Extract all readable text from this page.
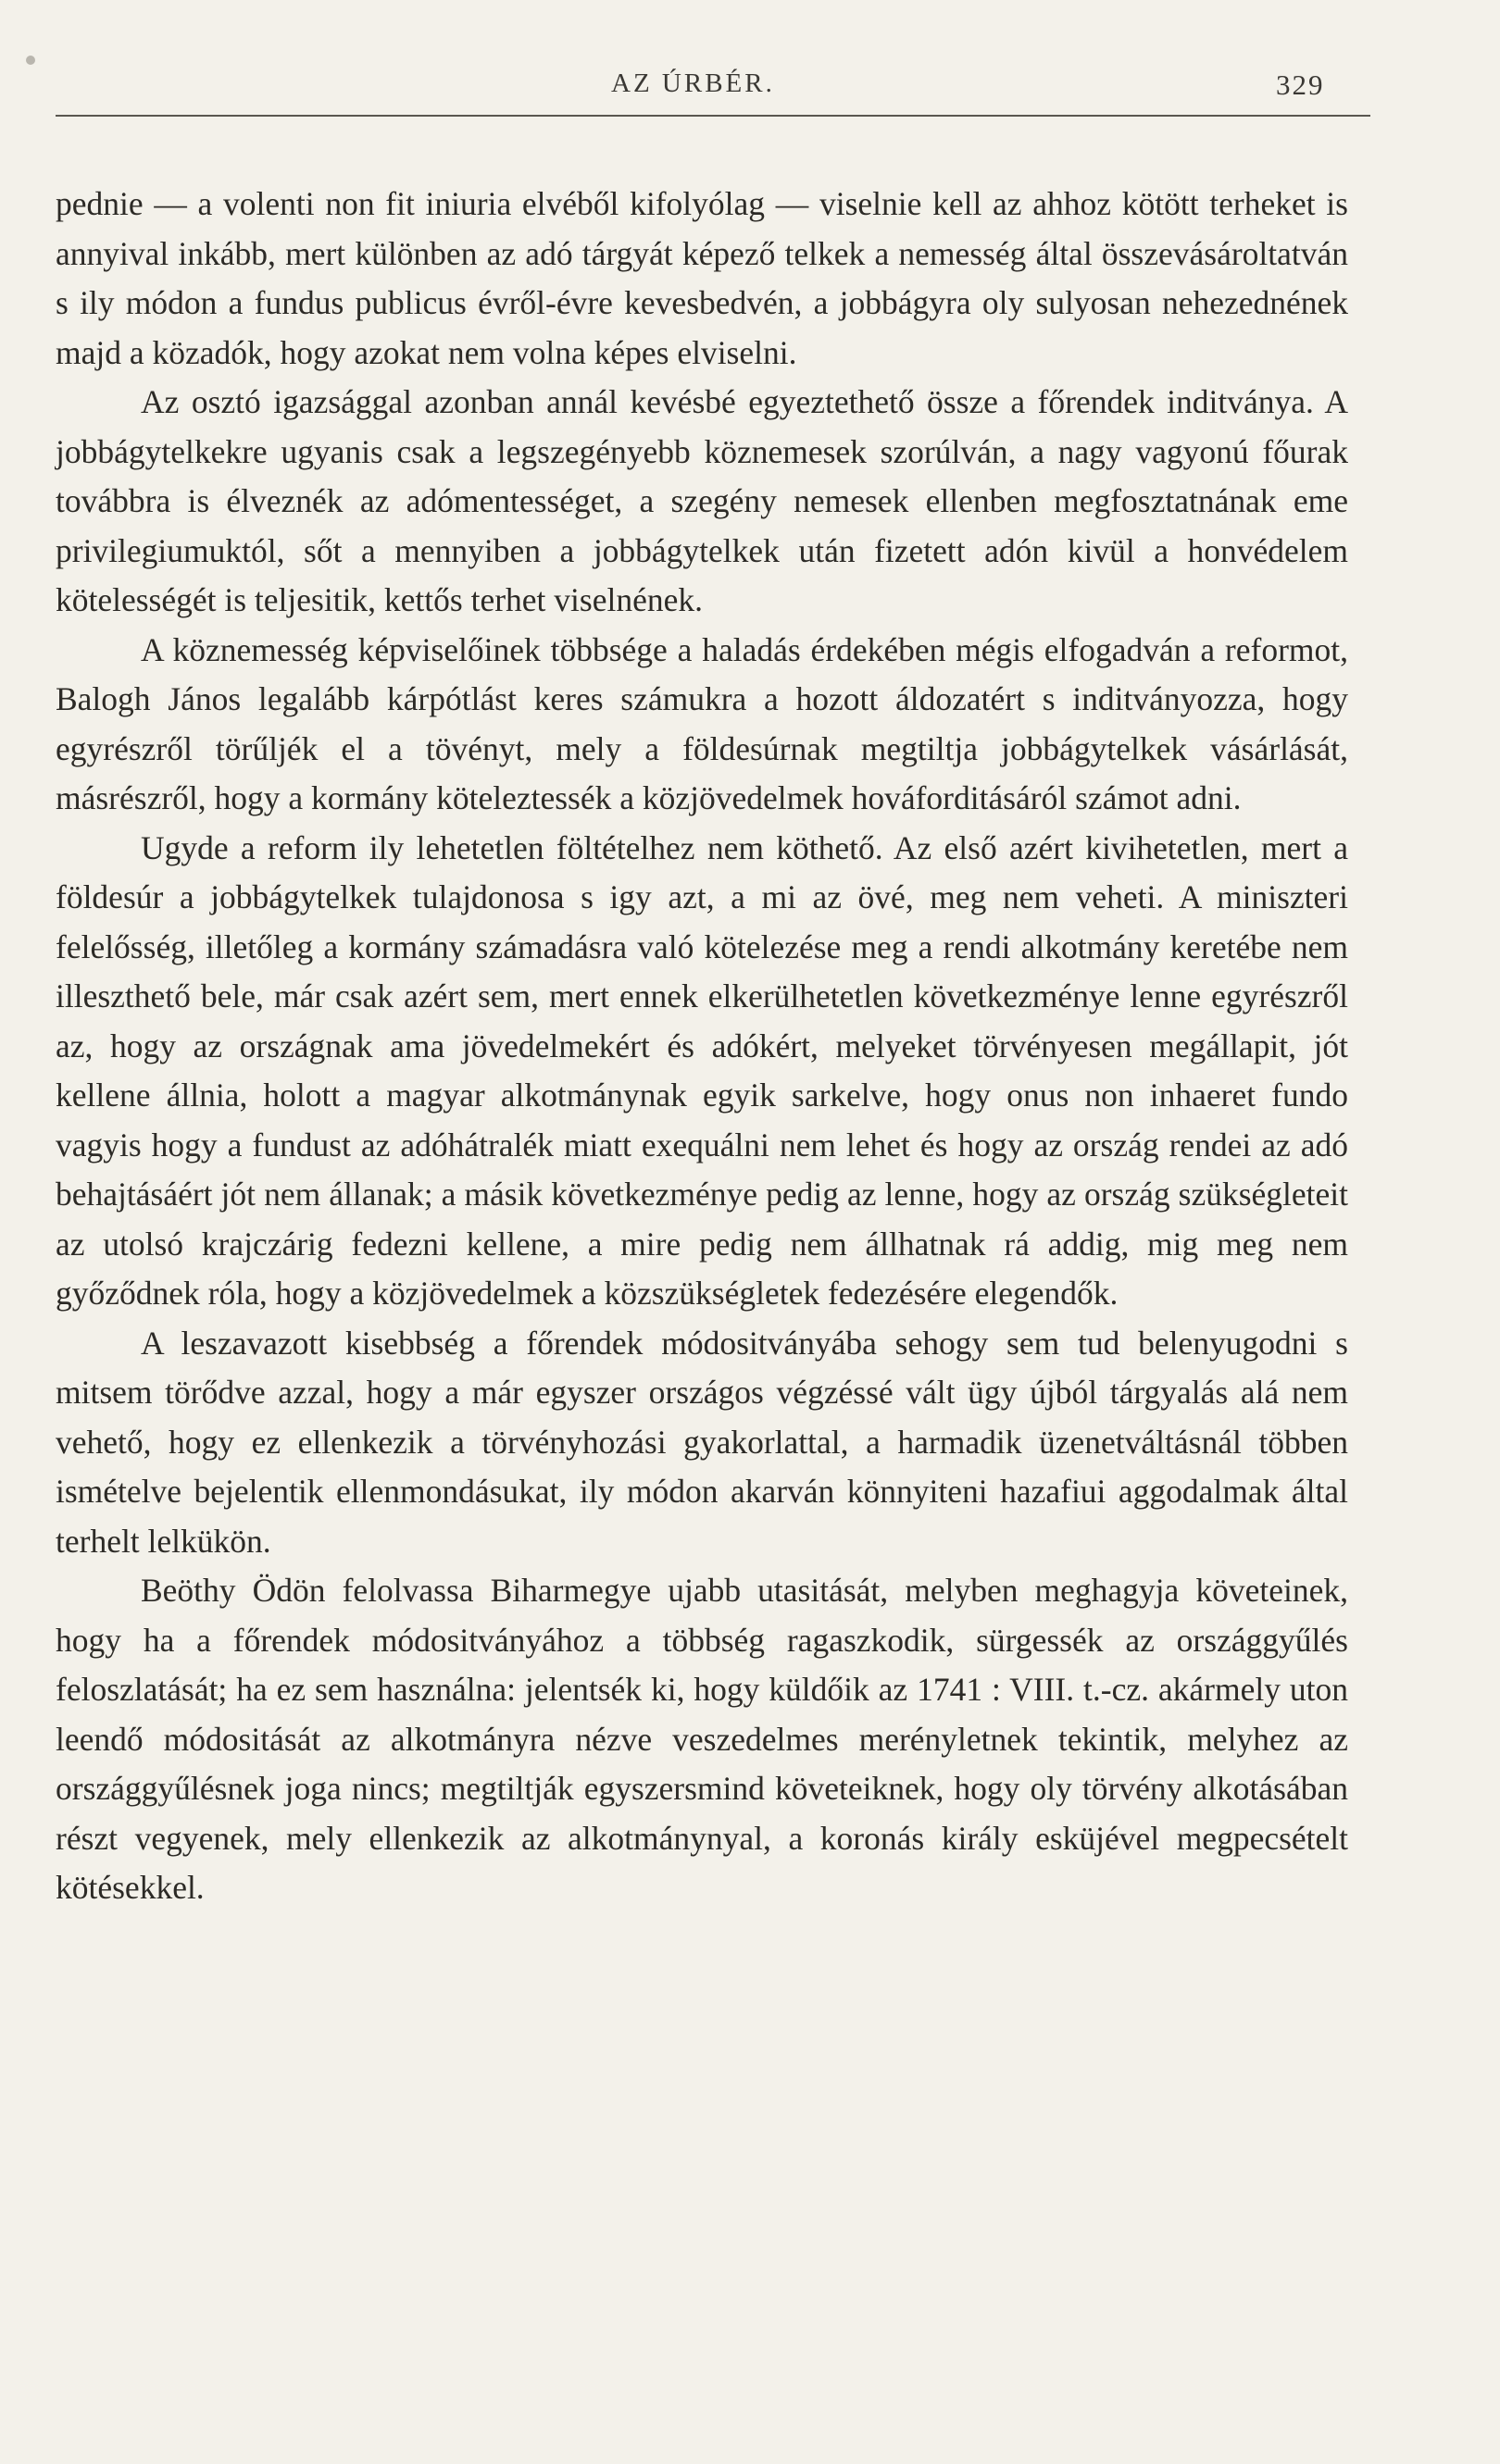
AZ ÚRBÉR.	329

pednie — a volenti non fit iniuria elvéből kifolyólag — viselnie kell az ahhoz kötött terheket is annyival inkább, mert különben az adó tárgyát képező telkek a nemesség által összevásároltatván s ily módon a fundus publicus évről-évre kevesbedvén, a jobbágyra oly sulyosan nehezednének majd a közadók, hogy azokat nem volna képes elviselni.

Az osztó igazsággal azonban annál kevésbé egyeztethető össze a főrendek inditványa. A jobbágytelkekre ugyanis csak a legszegényebb köznemesek szorúlván, a nagy vagyonú főurak továbbra is élveznék az adómentességet, a szegény nemesek ellenben megfosztatnának eme privilegiumuktól, sőt a mennyiben a jobbágytelkek után fizetett adón kivül a honvédelem kötelességét is teljesitik, kettős terhet viselnének.

A köznemesség képviselőinek többsége a haladás érdekében mégis elfogadván a reformot, Balogh János legalább kárpótlást keres számukra a hozott áldozatért s inditványozza, hogy egyrészről törűljék el a tövényt, mely a földesúrnak megtiltja jobbágytelkek vásárlását, másrészről, hogy a kormány köteleztessék a közjövedelmek hováforditásáról számot adni.

Ugyde a reform ily lehetetlen föltételhez nem köthető. Az első azért kivihetetlen, mert a földesúr a jobbágytelkek tulajdonosa s igy azt, a mi az övé, meg nem veheti. A miniszteri felelősség, illetőleg a kormány számadásra való kötelezése meg a rendi alkotmány keretébe nem illeszthető bele, már csak azért sem, mert ennek elkerülhetetlen következménye lenne egyrészről az, hogy az országnak ama jövedelmekért és adókért, melyeket törvényesen megállapit, jót kellene állnia, holott a magyar alkotmánynak egyik sarkelve, hogy onus non inhaeret fundo vagyis hogy a fundust az adóhátralék miatt exequálni nem lehet és hogy az ország rendei az adó behajtásáért jót nem állanak; a másik következménye pedig az lenne, hogy az ország szükségleteit az utolsó krajczárig fedezni kellene, a mire pedig nem állhatnak rá addig, mig meg nem győződnek róla, hogy a közjövedelmek a közszükségletek fedezésére elegendők.

A leszavazott kisebbség a főrendek módositványába sehogy sem tud belenyugodni s mitsem törődve azzal, hogy a már egyszer országos végzéssé vált ügy újból tárgyalás alá nem vehető, hogy ez ellenkezik a törvényhozási gyakorlattal, a harmadik üzenetváltásnál többen ismételve bejelentik ellenmondásukat, ily módon akarván könnyiteni hazafiui aggodalmak által terhelt lelkükön.

Beöthy Ödön felolvassa Biharmegye ujabb utasitását, melyben meghagyja követeinek, hogy ha a főrendek módositványához a többség ragaszkodik, sürgessék az országgyűlés feloszlatását; ha ez sem használna: jelentsék ki, hogy küldőik az 1741 : VIII. t.-cz. akármely uton leendő módositását az alkotmányra nézve veszedelmes merényletnek tekintik, melyhez az országgyűlésnek joga nincs; megtiltják egyszersmind követeiknek, hogy oly törvény alkotásában részt vegyenek, mely ellenkezik az alkotmánynyal, a koronás király esküjével megpecsételt kötésekkel.
